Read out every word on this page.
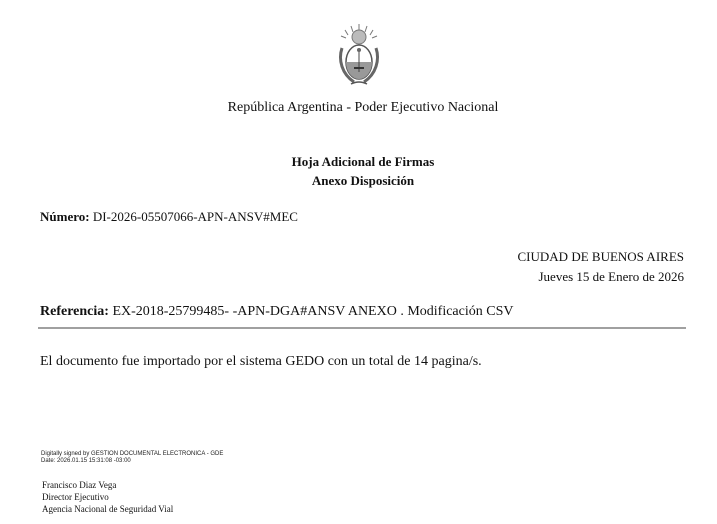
República Argentina - Poder Ejecutivo Nacional
Hoja Adicional de Firmas
Anexo Disposición
Número: DI-2026-05507066-APN-ANSV#MEC
CIUDAD DE BUENOS AIRES
Jueves 15 de Enero de 2026
Referencia: EX-2018-25799485- -APN-DGA#ANSV ANEXO . Modificación CSV
El documento fue importado por el sistema GEDO con un total de 14 pagina/s.
Digitally signed by GESTION DOCUMENTAL ELECTRONICA - GDE
Date: 2026.01.15 15:31:08 -03:00
Francisco Diaz Vega
Director Ejecutivo
Agencia Nacional de Seguridad Vial
